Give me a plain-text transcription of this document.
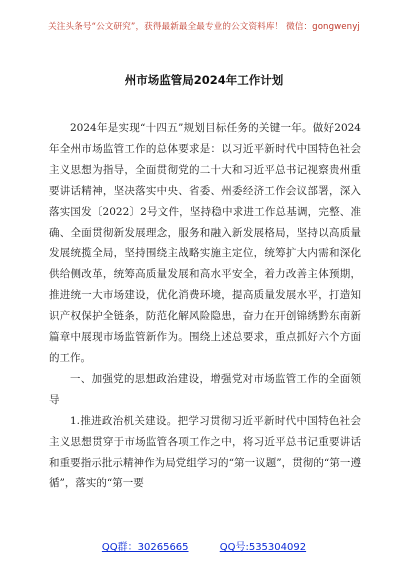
关注头条号“公文研究”，获得最新最全最专业的公文资料库！ 微信：gongwenyj
州市场监管局2024年工作计划

2024年是实现“十四五”规划目标任务的关键一年。做好2024年全州市场监管工作的总体要求是：以习近平新时代中国特色社会主义思想为指导，全面贯彻党的二十大和习近平总书记视察贵州重要讲话精神，坚决落实中央、省委、州委经济工作会议部署，深入落实国发〔2022〕2号文件，坚持稳中求进工作总基调，完整、准确、全面贯彻新发展理念，服务和融入新发展格局，坚持以高质量发展统揽全局，坚持围绕主战略实施主定位，统筹扩大内需和深化供给侧改革，统筹高质量发展和高水平安全，着力改善主体预期，推进统一大市场建设，优化消费环境，提高质量发展水平，打造知识产权保护全链条，防范化解风险隐患，奋力在开创锦绣黔东南新篇章中展现市场监管新作为。围绕上述总要求，重点抓好六个方面的工作。

一、加强党的思想政治建设，增强党对市场监管工作的全面领导

1.推进政治机关建设。把学习贯彻习近平新时代中国特色社会主义思想贯穿于市场监管各项工作之中，将习近平总书记重要讲话和重要指示批示精神作为局党组学习的“第一议题”，贯彻的“第一遵循”，落实的“第一要

QQ群：30265665	QQ号:535304092
